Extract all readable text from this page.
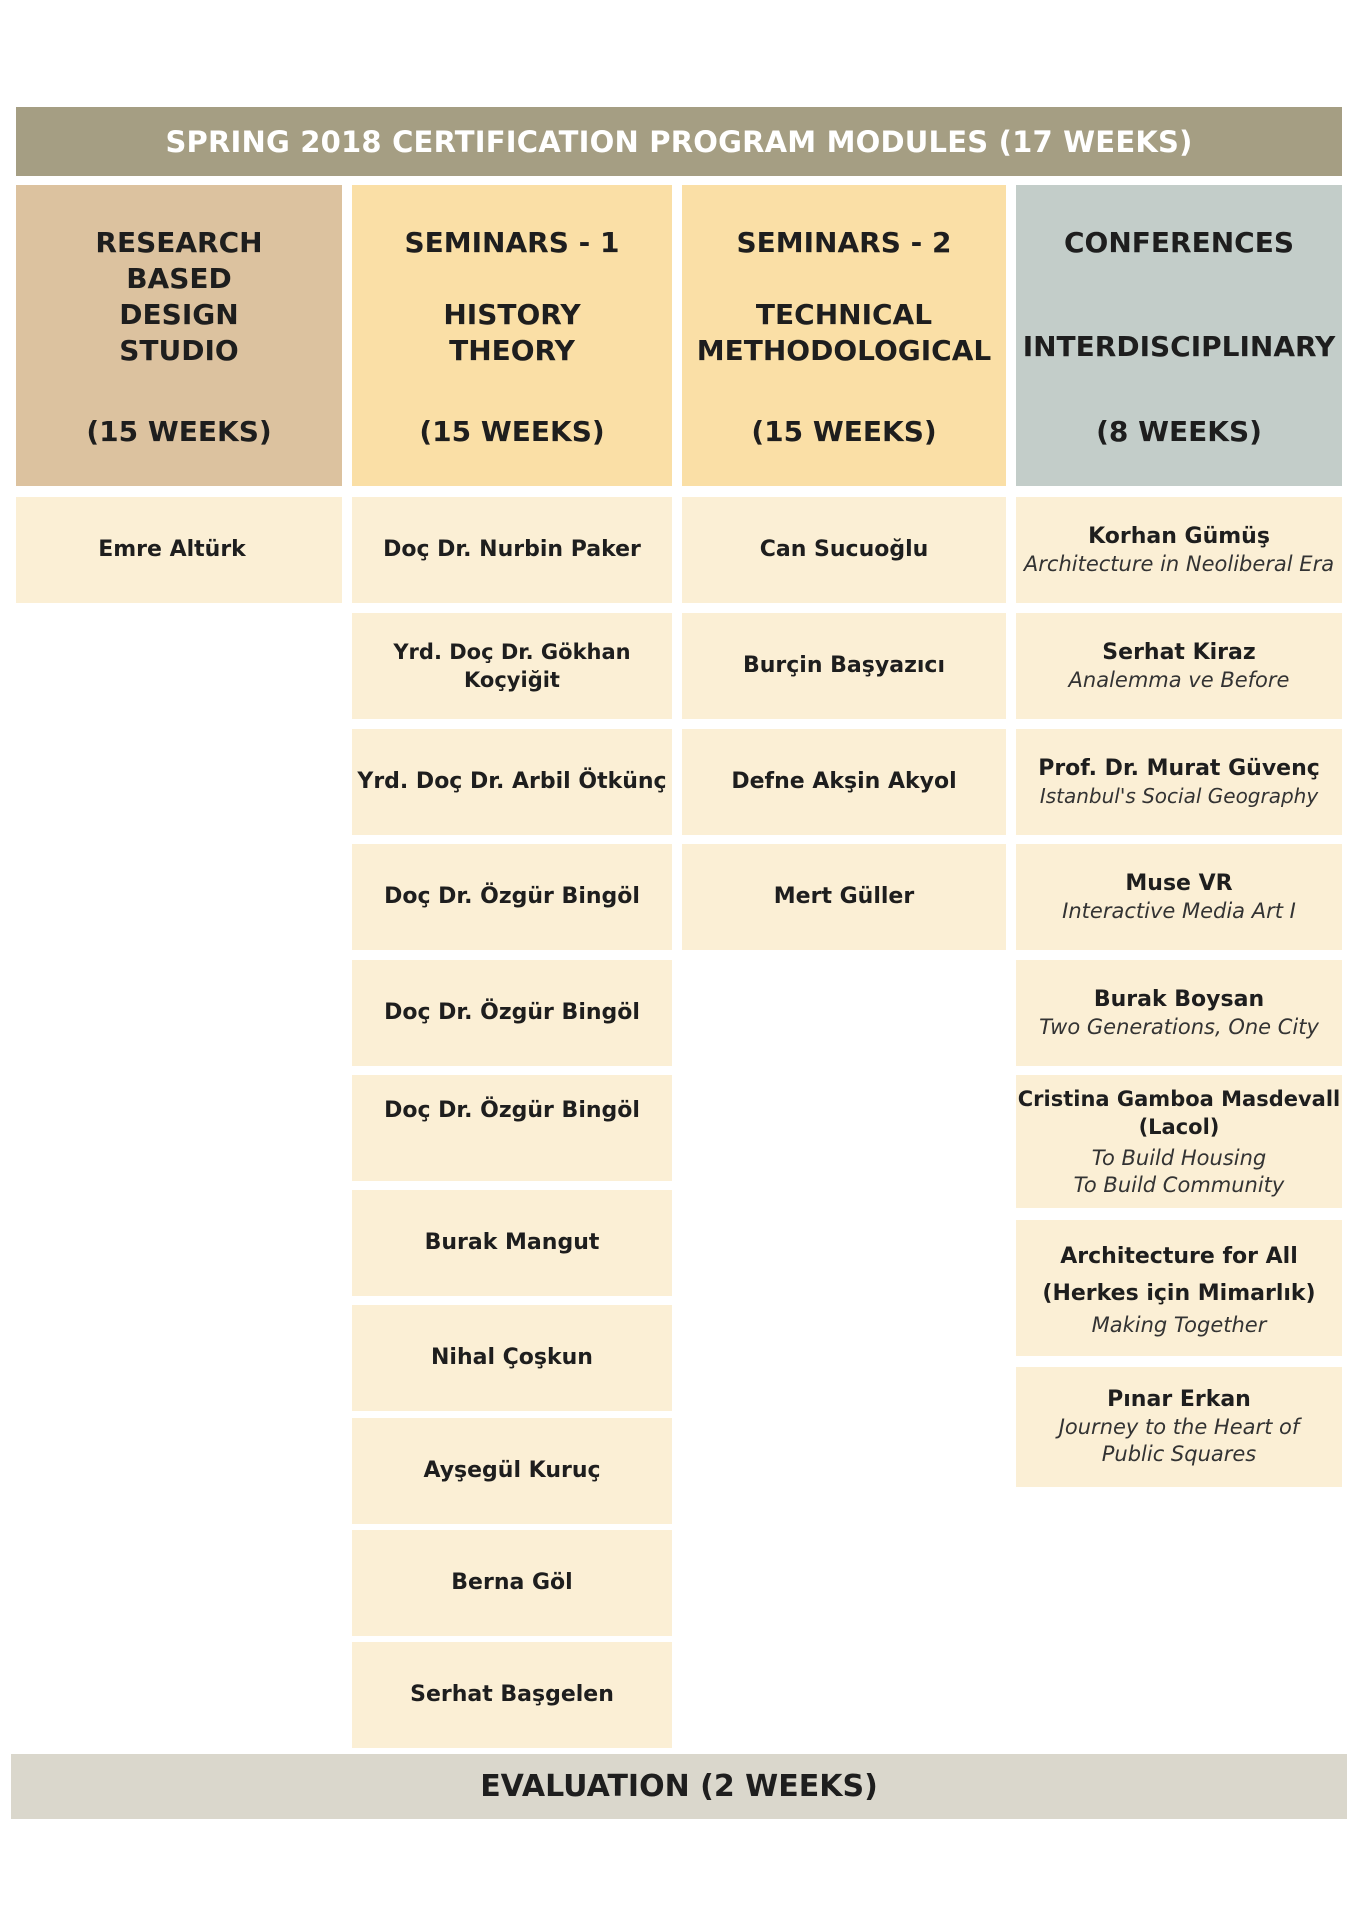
SPRING 2018 CERTIFICATION PROGRAM MODULES (17 WEEKS)
RESEARCH
BASED
DESIGN
STUDIO
(15 WEEKS)
SEMINARS - 1
HISTORY
THEORY
(15 WEEKS)
SEMINARS - 2
TECHNICAL
METHODOLOGICAL
(15 WEEKS)
CONFERENCES
INTERDISCIPLINARY
(8 WEEKS)
Emre Altürk	Doç Dr. Nurbin Paker
Yrd. Doç Dr. Gökhan Koçyiğit
Yrd. Doç Dr. Arbil Ötkünç
Doç Dr. Özgür Bingöl
Doç Dr. Özgür Bingöl
Doç Dr. Özgür Bingöl
Burak Mangut
Nihal Çoşkun
Ayşegül Kuruç
Berna Göl
Serhat Başgelen
Can Sucuoğlu
Burçin Başyazıcı
Defne Akşin Akyol
Mert Güller
Korhan Gümüş
Architecture in Neoliberal Era
Serhat Kiraz
Analemma ve Before
Prof. Dr. Murat Güvenç
Istanbul's Social Geography
Muse VR
Interactive Media Art I
Burak Boysan
Two Generations, One City
Cristina Gamboa Masdevall
(Lacol)
To Build Housing
To Build Community
Architecture for All
(Herkes için Mimarlık)
Making Together
Pınar Erkan
Journey to the Heart of
Public Squares
EVALUATION (2 WEEKS)
